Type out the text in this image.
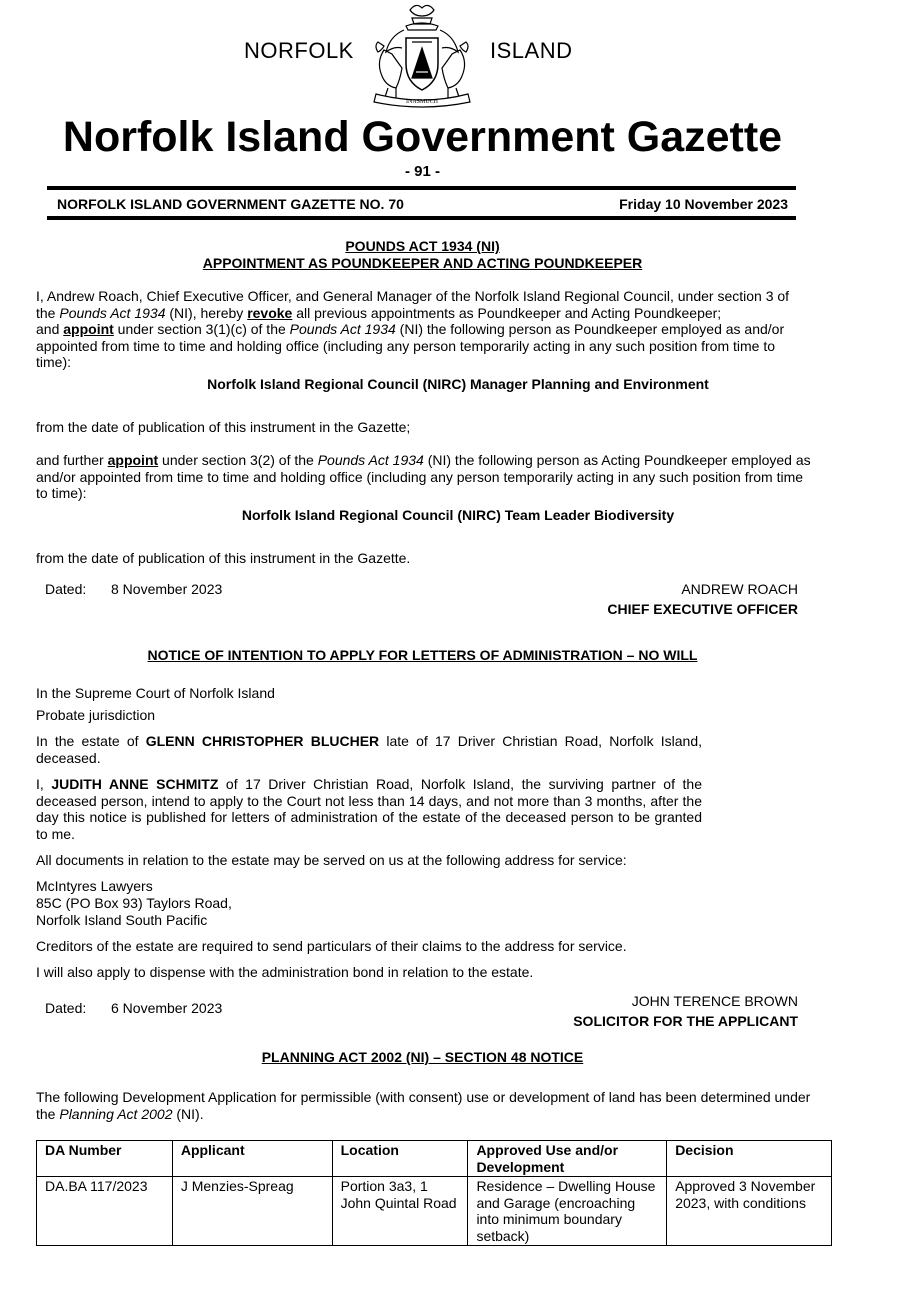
NORFOLK	ISLAND
INASMUCH
Norfolk Island Government Gazette
- 91 -
NORFOLK ISLAND GOVERNMENT GAZETTE NO. 70	Friday 10 November 2023
POUNDS ACT 1934 (NI)
APPOINTMENT AS POUNDKEEPER AND ACTING POUNDKEEPER

I, Andrew Roach, Chief Executive Officer, and General Manager of the Norfolk Island Regional Council, under section 3 of the Pounds Act 1934 (NI), hereby revoke all previous appointments as Poundkeeper and Acting Poundkeeper;

and appoint under section 3(1)(c) of the Pounds Act 1934 (NI) the following person as Poundkeeper employed as and/or appointed from time to time and holding office (including any person temporarily acting in any such position from time to time):

Norfolk Island Regional Council (NIRC) Manager Planning and Environment

from the date of publication of this instrument in the Gazette;

and further appoint under section 3(2) of the Pounds Act 1934 (NI) the following person as Acting Poundkeeper employed as and/or appointed from time to time and holding office (including any person temporarily acting in any such position from time to time):

Norfolk Island Regional Council (NIRC) Team Leader Biodiversity

from the date of publication of this instrument in the Gazette.

Dated: 8 November 2023	ANDREW ROACH
CHIEF EXECUTIVE OFFICER
NOTICE OF INTENTION TO APPLY FOR LETTERS OF ADMINISTRATION – NO WILL

In the Supreme Court of Norfolk Island

Probate jurisdiction

In the estate of GLENN CHRISTOPHER BLUCHER late of 17 Driver Christian Road, Norfolk Island, deceased.

I, JUDITH ANNE SCHMITZ of 17 Driver Christian Road, Norfolk Island, the surviving partner of the deceased person, intend to apply to the Court not less than 14 days, and not more than 3 months, after the day this notice is published for letters of administration of the estate of the deceased person to be granted to me.

All documents in relation to the estate may be served on us at the following address for service:

McIntyres Lawyers

85C (PO Box 93) Taylors Road,

Norfolk Island South Pacific

Creditors of the estate are required to send particulars of their claims to the address for service.

I will also apply to dispense with the administration bond in relation to the estate.

Dated: 6 November 2023	JOHN TERENCE BROWN
SOLICITOR FOR THE APPLICANT
PLANNING ACT 2002 (NI) – SECTION 48 NOTICE

The following Development Application for permissible (with consent) use or development of land has been determined under the Planning Act 2002 (NI).

DA Number	Applicant	Location	Approved Use and/or Development	Decision
DA.BA 117/2023	J Menzies-Spreag	Portion 3a3, 1 John Quintal Road	Residence – Dwelling House and Garage (encroaching into minimum boundary setback)	Approved 3 November 2023, with conditions
